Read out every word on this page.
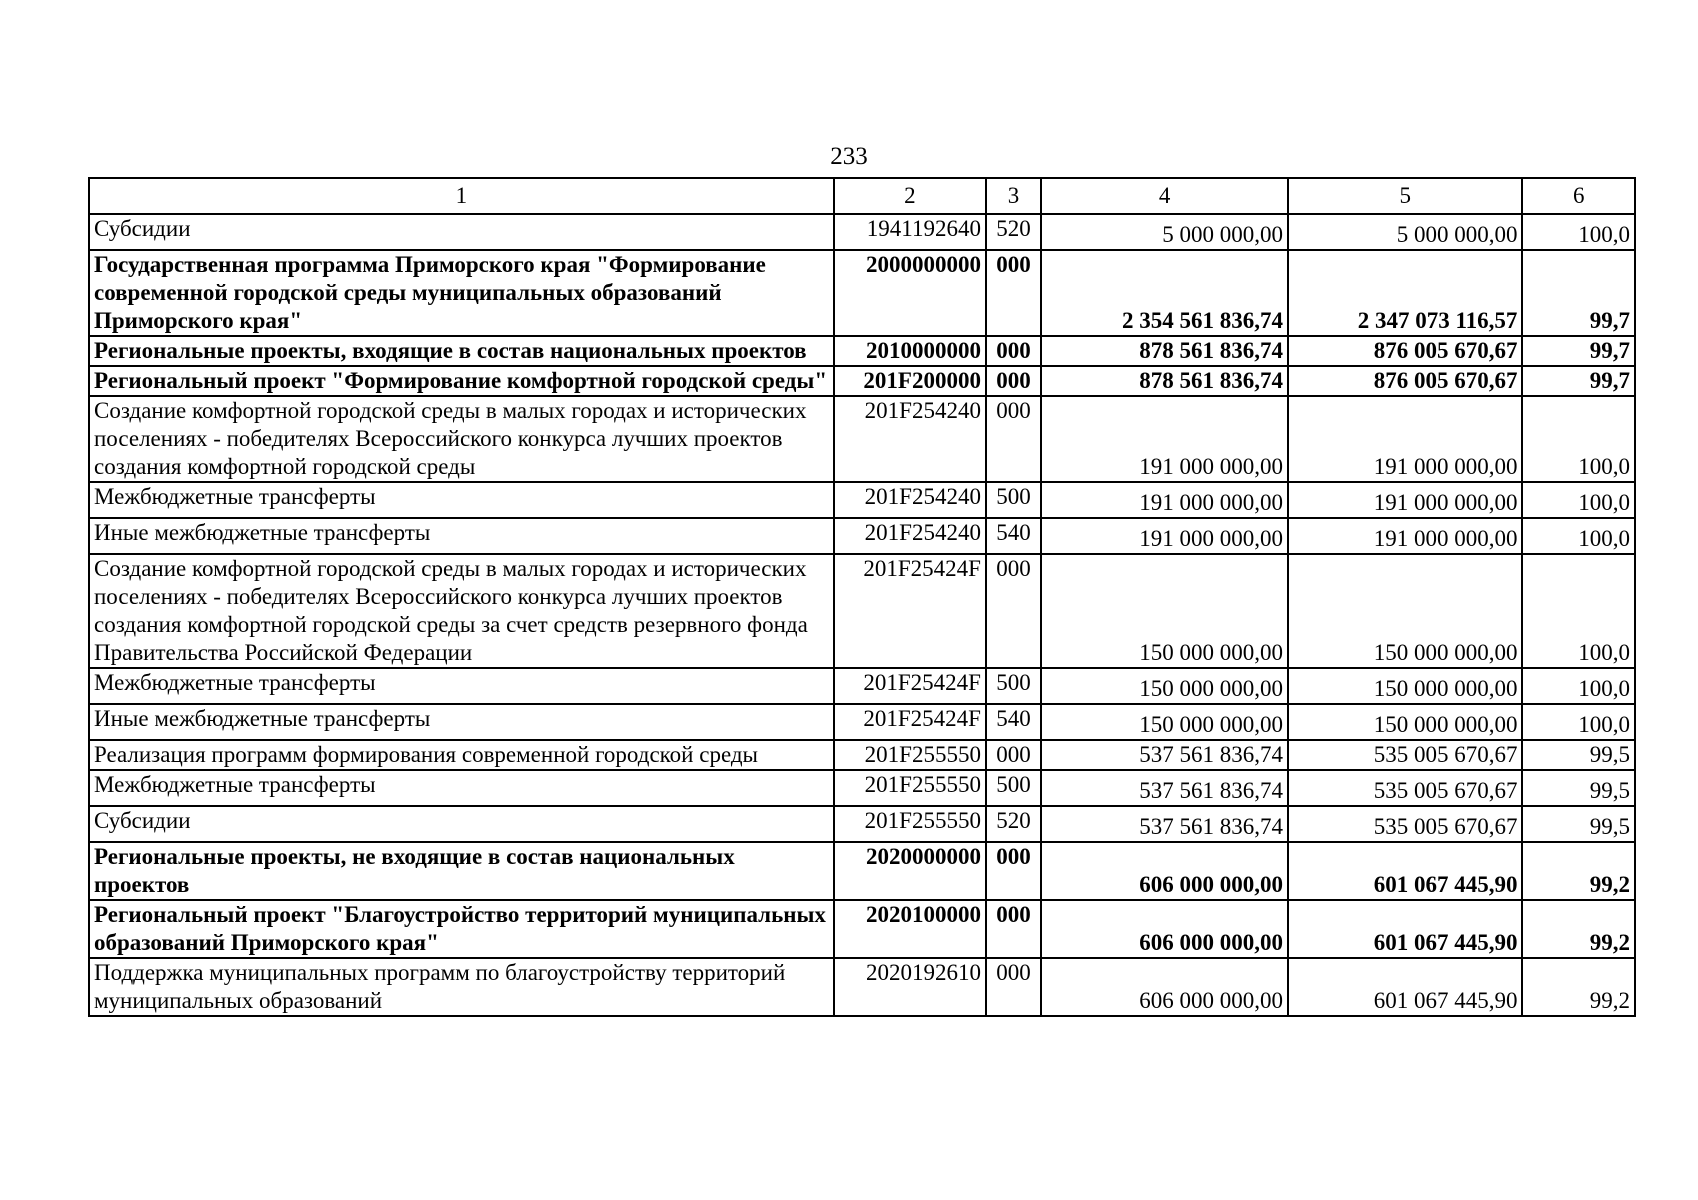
233
1	2	3	4	5	6
Субсидии	1941192640	520	5 000 000,00	5 000 000,00	100,0
Государственная программа Приморского края "Формирование современной городской среды муниципальных образований Приморского края"	2000000000	000	2 354 561 836,74	2 347 073 116,57	99,7
Региональные проекты, входящие в состав национальных проектов	2010000000	000	878 561 836,74	876 005 670,67	99,7
Региональный проект "Формирование комфортной городской среды"	201F200000	000	878 561 836,74	876 005 670,67	99,7
Создание комфортной городской среды в малых городах и исторических поселениях - победителях Всероссийского конкурса лучших проектов создания комфортной городской среды	201F254240	000	191 000 000,00	191 000 000,00	100,0
Межбюджетные трансферты	201F254240	500	191 000 000,00	191 000 000,00	100,0
Иные межбюджетные трансферты	201F254240	540	191 000 000,00	191 000 000,00	100,0
Создание комфортной городской среды в малых городах и исторических поселениях - победителях Всероссийского конкурса лучших проектов создания комфортной городской среды за счет средств резервного фонда Правительства Российской Федерации	201F25424F	000	150 000 000,00	150 000 000,00	100,0
Межбюджетные трансферты	201F25424F	500	150 000 000,00	150 000 000,00	100,0
Иные межбюджетные трансферты	201F25424F	540	150 000 000,00	150 000 000,00	100,0
Реализация программ формирования современной городской среды	201F255550	000	537 561 836,74	535 005 670,67	99,5
Межбюджетные трансферты	201F255550	500	537 561 836,74	535 005 670,67	99,5
Субсидии	201F255550	520	537 561 836,74	535 005 670,67	99,5
Региональные проекты, не входящие в состав национальных проектов	2020000000	000	606 000 000,00	601 067 445,90	99,2
Региональный проект "Благоустройство территорий муниципальных образований Приморского края"	2020100000	000	606 000 000,00	601 067 445,90	99,2
Поддержка муниципальных программ по благоустройству территорий муниципальных образований	2020192610	000	606 000 000,00	601 067 445,90	99,2
